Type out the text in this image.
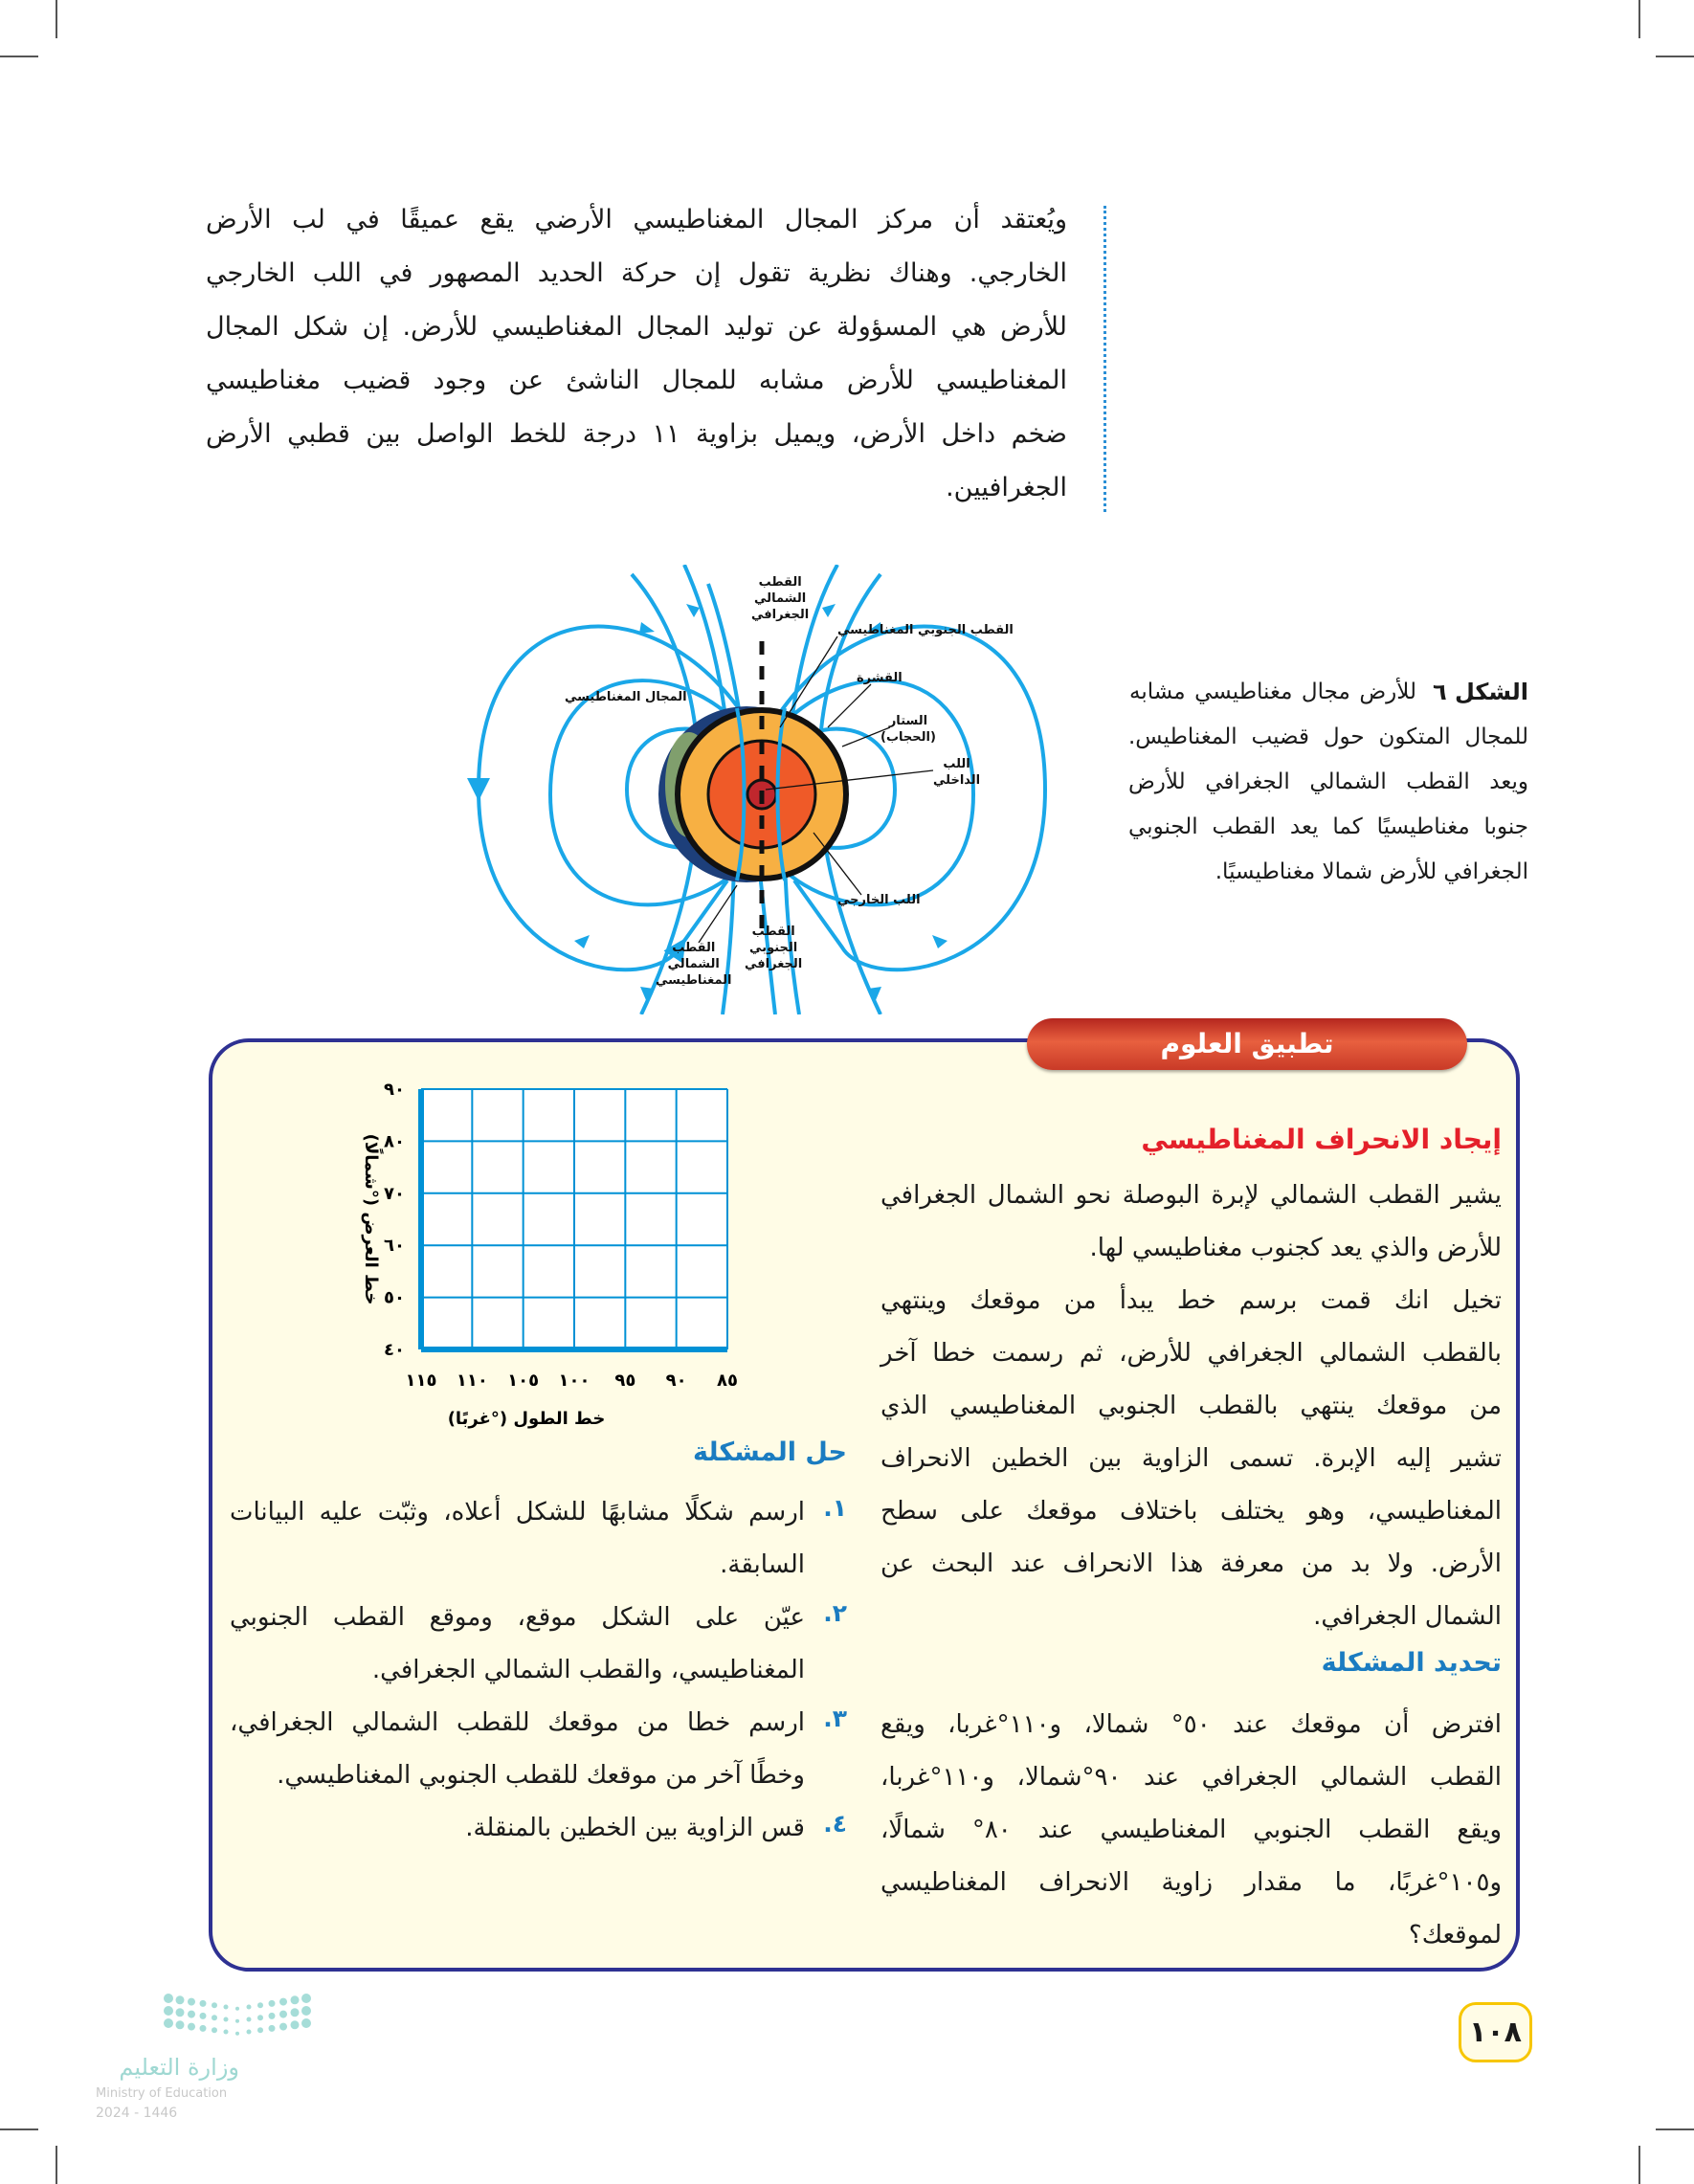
ويُعتقد أن مركز المجال المغناطيسي الأرضي يقع عميقًا في لب الأرض
الخارجي. وهناك نظرية تقول إن حركة الحديد المصهور في اللب الخارجي
للأرض هي المسؤولة عن توليد المجال المغناطيسي للأرض. إن شكل المجال
المغناطيسي للأرض مشابه للمجال الناشئ عن وجود قضيب مغناطيسي
ضخم داخل الأرض، ويميل بزاوية ١١ درجة للخط الواصل بين قطبي الأرض
الجغرافيين.
القطب
الشمالي
الجغرافي
القطب الجنوبي المغناطيسي
القشرة
المجال المغناطيسي
الستار
(الحجاب)
اللب
الداخلي
اللب الخارجي
القطب
الجنوبي
الجغرافي
القطب
الشمالي
المغناطيسي
الشكل ٦
للأرض مجال مغناطيسي مشابه
للمجال المتكون حول قضيب المغناطيس.
ويعد القطب الشمالي الجغرافي للأرض
جنوبا مغناطيسيًا كما يعد القطب الجنوبي
الجغرافي للأرض شمالا مغناطيسيًا.
تطبيق العلوم
إيجاد الانحراف المغناطيسي
يشير القطب الشمالي لإبرة البوصلة نحو الشمال الجغرافي
للأرض والذي يعد كجنوب مغناطيسي لها.
تخيل انك قمت برسم خط يبدأ من موقعك وينتهي
بالقطب الشمالي الجغرافي للأرض، ثم رسمت خطا آخر
من موقعك ينتهي بالقطب الجنوبي المغناطيسي الذي
تشير إليه الإبرة. تسمى الزاوية بين الخطين الانحراف
المغناطيسي، وهو يختلف باختلاف موقعك على سطح
الأرض. ولا بد من معرفة هذا الانحراف عند البحث عن
الشمال الجغرافي.
تحديد المشكلة
افترض أن موقعك عند ٥٠° شمالا، و١١٠°غربا، ويقع
القطب الشمالي الجغرافي عند ٩٠°شمالا، و١١٠°غربا،
ويقع القطب الجنوبي المغناطيسي عند ٨٠° شمالًا،
و١٠٥°غربًا، ما مقدار زاوية الانحراف المغناطيسي
لموقعك؟
حل المشكلة
١.
ارسم شكلًا مشابهًا للشكل أعلاه، وثبّت عليه البيانات
السابقة.
٢.
عيّن على الشكل موقع، وموقع القطب الجنوبي
المغناطيسي، والقطب الشمالي الجغرافي.
٣.
ارسم خطا من موقعك للقطب الشمالي الجغرافي،
وخطًا آخر من موقعك للقطب الجنوبي المغناطيسي.
٤.
قس الزاوية بين الخطين بالمنقلة.
١١٥ ١١٠ ١٠٥ ١٠٠ ٩٥ ٩٠ ٨٥
٤٠
٥٠
٦٠
٧٠
٨٠
٩٠
خط الطول (°غربًا)
خط العرض (°شمالًا)
وزارة التعليم
Ministry of Education
2024 - 1446
١٠٨
